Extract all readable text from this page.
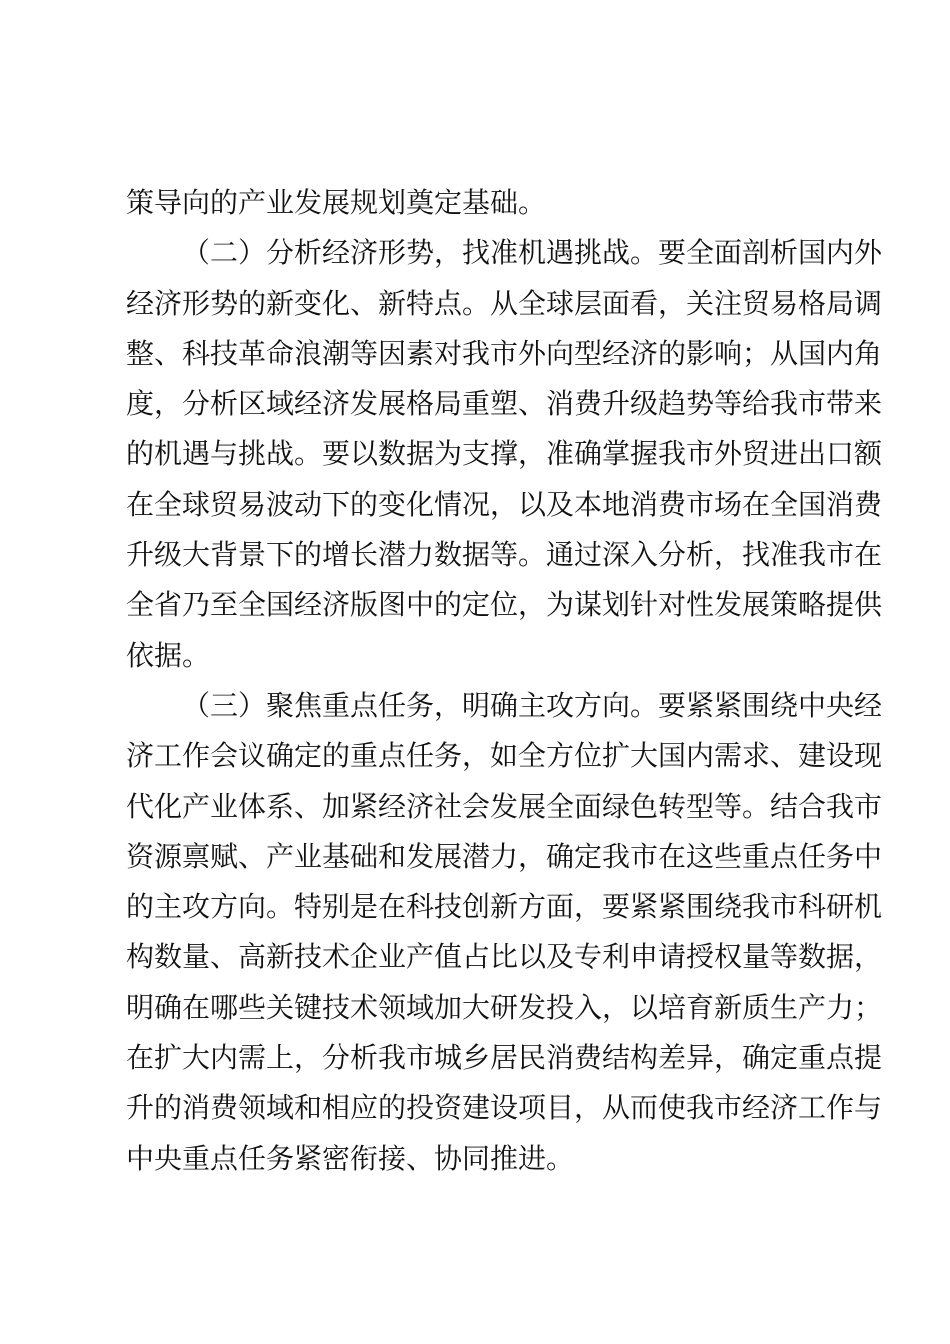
策导向的产业发展规划奠定基础。
（二）分析经济形势，找准机遇挑战。要全面剖析国内外
经济形势的新变化、新特点。从全球层面看，关注贸易格局调
整、科技革命浪潮等因素对我市外向型经济的影响；从国内角
度，分析区域经济发展格局重塑、消费升级趋势等给我市带来
的机遇与挑战。要以数据为支撑，准确掌握我市外贸进出口额
在全球贸易波动下的变化情况，以及本地消费市场在全国消费
升级大背景下的增长潜力数据等。通过深入分析，找准我市在
全省乃至全国经济版图中的定位，为谋划针对性发展策略提供
依据。
（三）聚焦重点任务，明确主攻方向。要紧紧围绕中央经
济工作会议确定的重点任务，如全方位扩大国内需求、建设现
代化产业体系、加紧经济社会发展全面绿色转型等。结合我市
资源禀赋、产业基础和发展潜力，确定我市在这些重点任务中
的主攻方向。特别是在科技创新方面，要紧紧围绕我市科研机
构数量、高新技术企业产值占比以及专利申请授权量等数据，
明确在哪些关键技术领域加大研发投入，以培育新质生产力；
在扩大内需上，分析我市城乡居民消费结构差异，确定重点提
升的消费领域和相应的投资建设项目，从而使我市经济工作与
中央重点任务紧密衔接、协同推进。
